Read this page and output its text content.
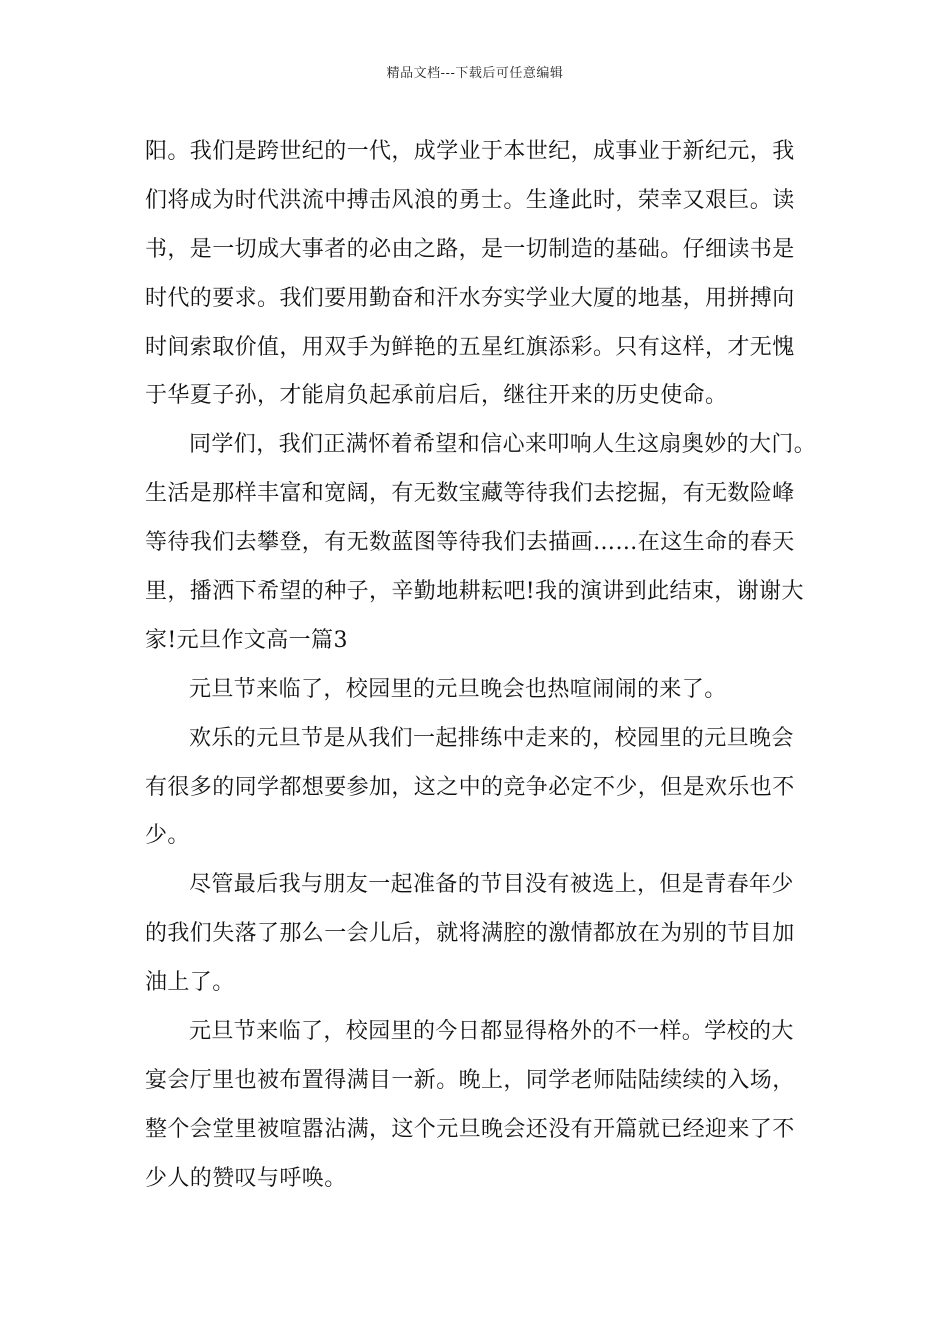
精品文档---下载后可任意编辑
阳。我们是跨世纪的一代，成学业于本世纪，成事业于新纪元，我
们将成为时代洪流中搏击风浪的勇士。生逢此时，荣幸又艰巨。读
书，是一切成大事者的必由之路，是一切制造的基础。仔细读书是
时代的要求。我们要用勤奋和汗水夯实学业大厦的地基，用拼搏向
时间索取价值，用双手为鲜艳的五星红旗添彩。只有这样，才无愧
于华夏子孙，才能肩负起承前启后，继往开来的历史使命。
同学们，我们正满怀着希望和信心来叩响人生这扇奥妙的大门。
生活是那样丰富和宽阔，有无数宝藏等待我们去挖掘，有无数险峰
等待我们去攀登，有无数蓝图等待我们去描画……在这生命的春天
里，播洒下希望的种子，辛勤地耕耘吧!我的演讲到此结束，谢谢大
家!元旦作文高一篇3
元旦节来临了，校园里的元旦晚会也热喧闹闹的来了。
欢乐的元旦节是从我们一起排练中走来的，校园里的元旦晚会
有很多的同学都想要参加，这之中的竞争必定不少，但是欢乐也不
少。
尽管最后我与朋友一起准备的节目没有被选上，但是青春年少
的我们失落了那么一会儿后，就将满腔的激情都放在为别的节目加
油上了。
元旦节来临了，校园里的今日都显得格外的不一样。学校的大
宴会厅里也被布置得满目一新。晚上，同学老师陆陆续续的入场，
整个会堂里被喧嚣沾满，这个元旦晚会还没有开篇就已经迎来了不
少人的赞叹与呼唤。
